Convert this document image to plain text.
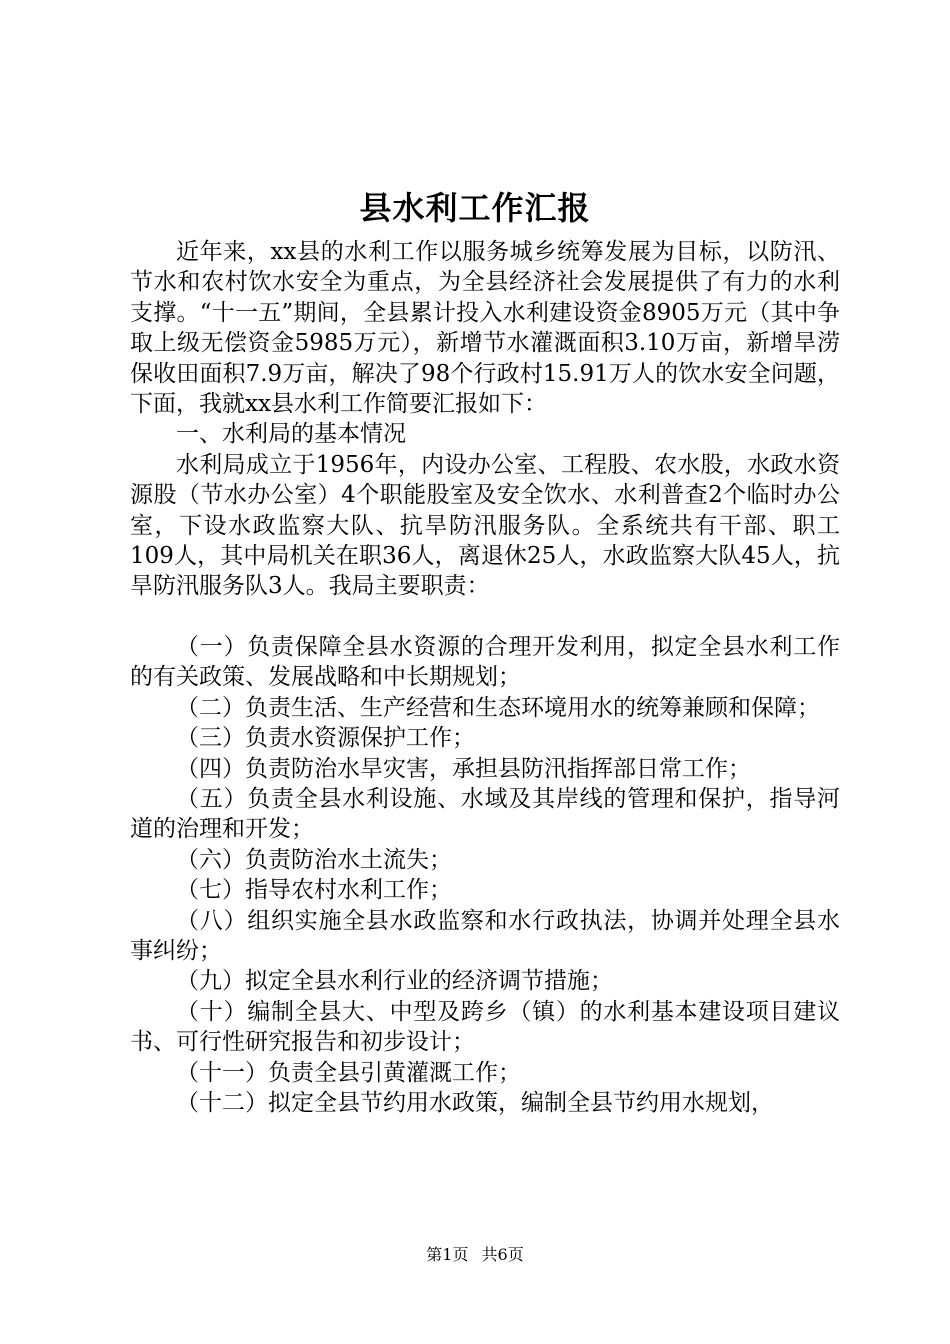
县水利工作汇报

近年来，xx县的水利工作以服务城乡统筹发展为目标，以防汛、节水和农村饮水安全为重点，为全县经济社会发展提供了有力的水利支撑。“十一五”期间，全县累计投入水利建设资金8905万元（其中争取上级无偿资金5985万元），新增节水灌溉面积3.10万亩，新增旱涝保收田面积7.9万亩，解决了98个行政村15.91万人的饮水安全问题，下面，我就xx县水利工作简要汇报如下：

一、水利局的基本情况

水利局成立于1956年，内设办公室、工程股、农水股，水政水资源股（节水办公室）4个职能股室及安全饮水、水利普查2个临时办公室，下设水政监察大队、抗旱防汛服务队。全系统共有干部、职工109人，其中局机关在职36人，离退休25人，水政监察大队45人，抗旱防汛服务队3人。我局主要职责：

（一）负责保障全县水资源的合理开发利用，拟定全县水利工作的有关政策、发展战略和中长期规划；

（二）负责生活、生产经营和生态环境用水的统筹兼顾和保障；

（三）负责水资源保护工作；

（四）负责防治水旱灾害，承担县防汛指挥部日常工作；

（五）负责全县水利设施、水域及其岸线的管理和保护，指导河道的治理和开发；

（六）负责防治水土流失；

（七）指导农村水利工作；

（八）组织实施全县水政监察和水行政执法，协调并处理全县水事纠纷；

（九）拟定全县水利行业的经济调节措施；

（十）编制全县大、中型及跨乡（镇）的水利基本建设项目建议书、可行性研究报告和初步设计；

（十一）负责全县引黄灌溉工作；

（十二）拟定全县节约用水政策，编制全县节约用水规划，

第1页 共6页
